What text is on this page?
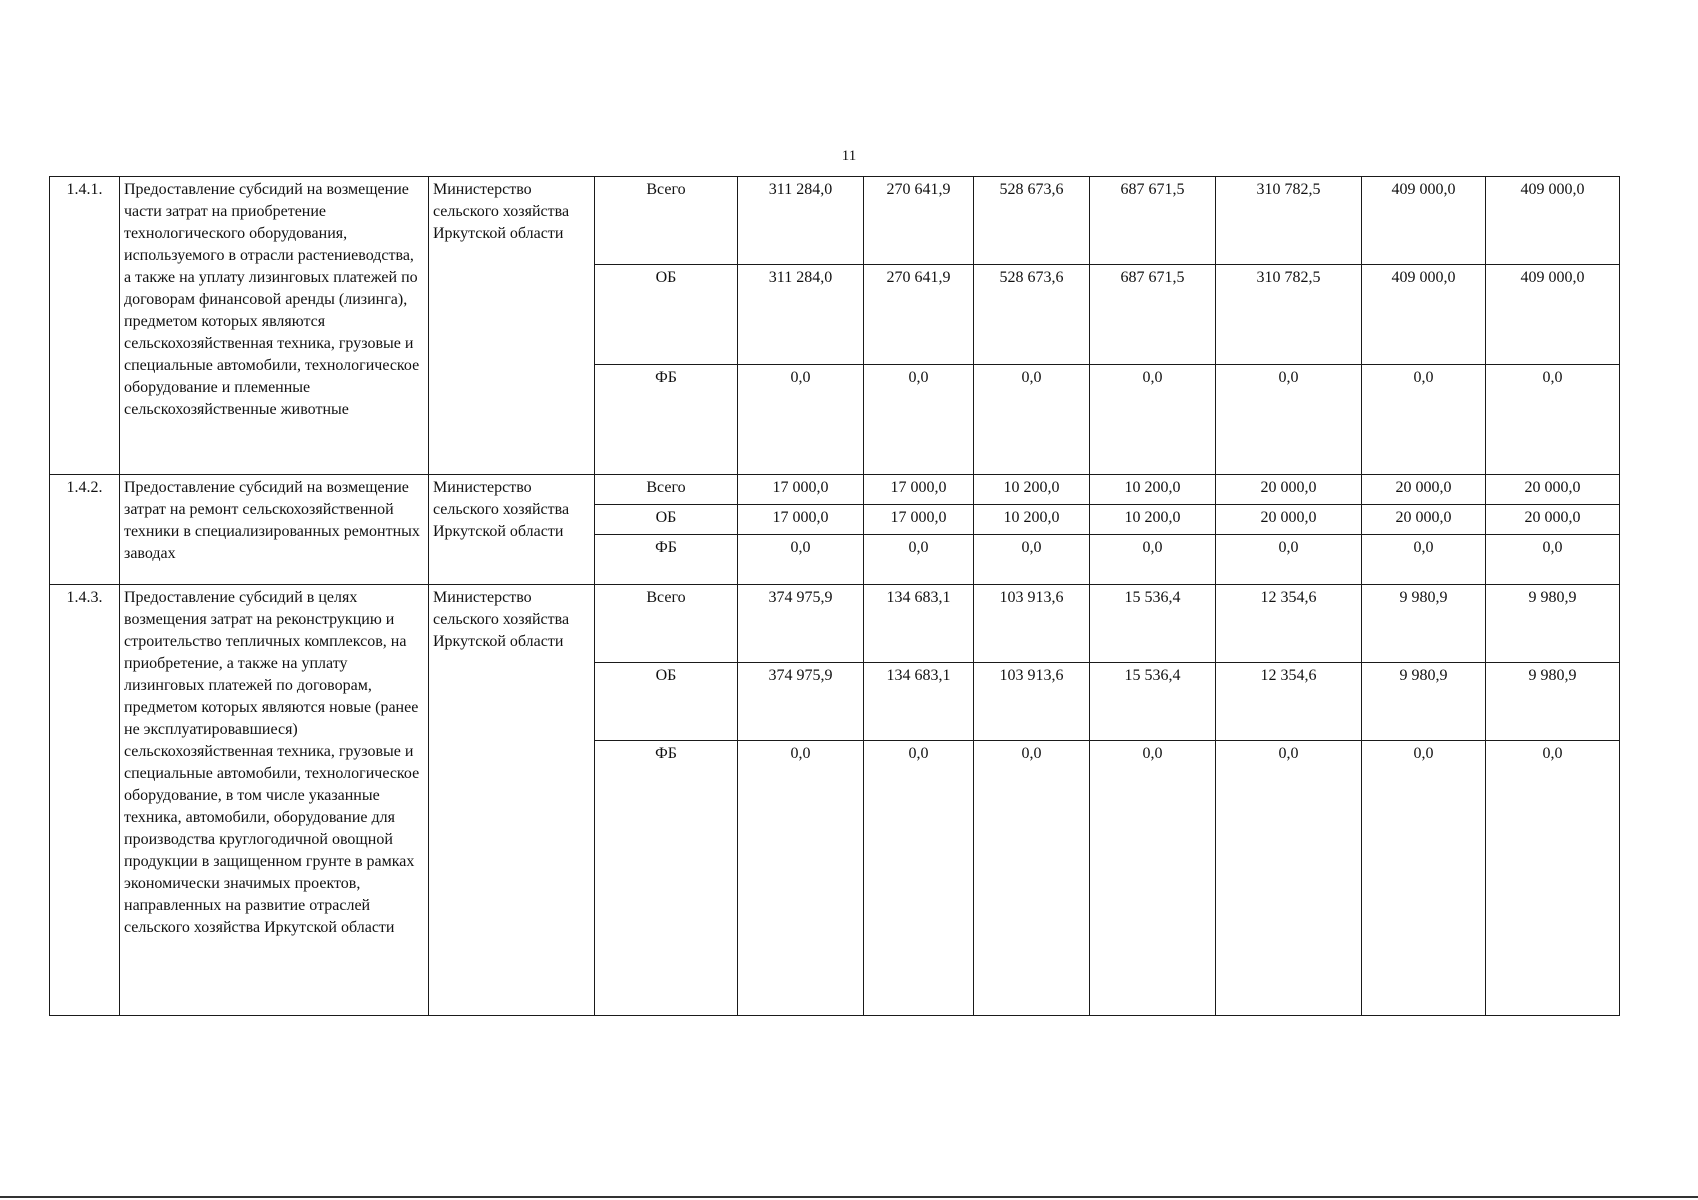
11
1.4.1.	Предоставление субсидий на возмещение части затрат на приобретение технологического оборудования, используемого в отрасли растениеводства, а также на уплату лизинговых платежей по договорам финансовой аренды (лизинга), предметом которых являются сельскохозяйственная техника, грузовые и специальные автомобили, технологическое оборудование и племенные сельскохозяйственные животные	Министерство сельского хозяйства Иркутской области	Всего	311 284,0	270 641,9	528 673,6	687 671,5	310 782,5	409 000,0	409 000,0
			ОБ	311 284,0	270 641,9	528 673,6	687 671,5	310 782,5	409 000,0	409 000,0
			ФБ	0,0	0,0	0,0	0,0	0,0	0,0	0,0
1.4.2.	Предоставление субсидий на возмещение затрат на ремонт сельскохозяйственной техники в специализированных ремонтных заводах	Министерство сельского хозяйства Иркутской области	Всего	17 000,0	17 000,0	10 200,0	10 200,0	20 000,0	20 000,0	20 000,0
			ОБ	17 000,0	17 000,0	10 200,0	10 200,0	20 000,0	20 000,0	20 000,0
			ФБ	0,0	0,0	0,0	0,0	0,0	0,0	0,0
1.4.3.	Предоставление субсидий в целях возмещения затрат на реконструкцию и строительство тепличных комплексов, на приобретение, а также на уплату лизинговых платежей по договорам, предметом которых являются новые (ранее не эксплуатировавшиеся) сельскохозяйственная техника, грузовые и специальные автомобили, технологическое оборудование, в том числе указанные техника, автомобили, оборудование для производства круглогодичной овощной продукции в защищенном грунте в рамках экономически значимых проектов, направленных на развитие отраслей сельского хозяйства Иркутской области	Министерство сельского хозяйства Иркутской области	Всего	374 975,9	134 683,1	103 913,6	15 536,4	12 354,6	9 980,9	9 980,9
			ОБ	374 975,9	134 683,1	103 913,6	15 536,4	12 354,6	9 980,9	9 980,9
			ФБ	0,0	0,0	0,0	0,0	0,0	0,0	0,0
